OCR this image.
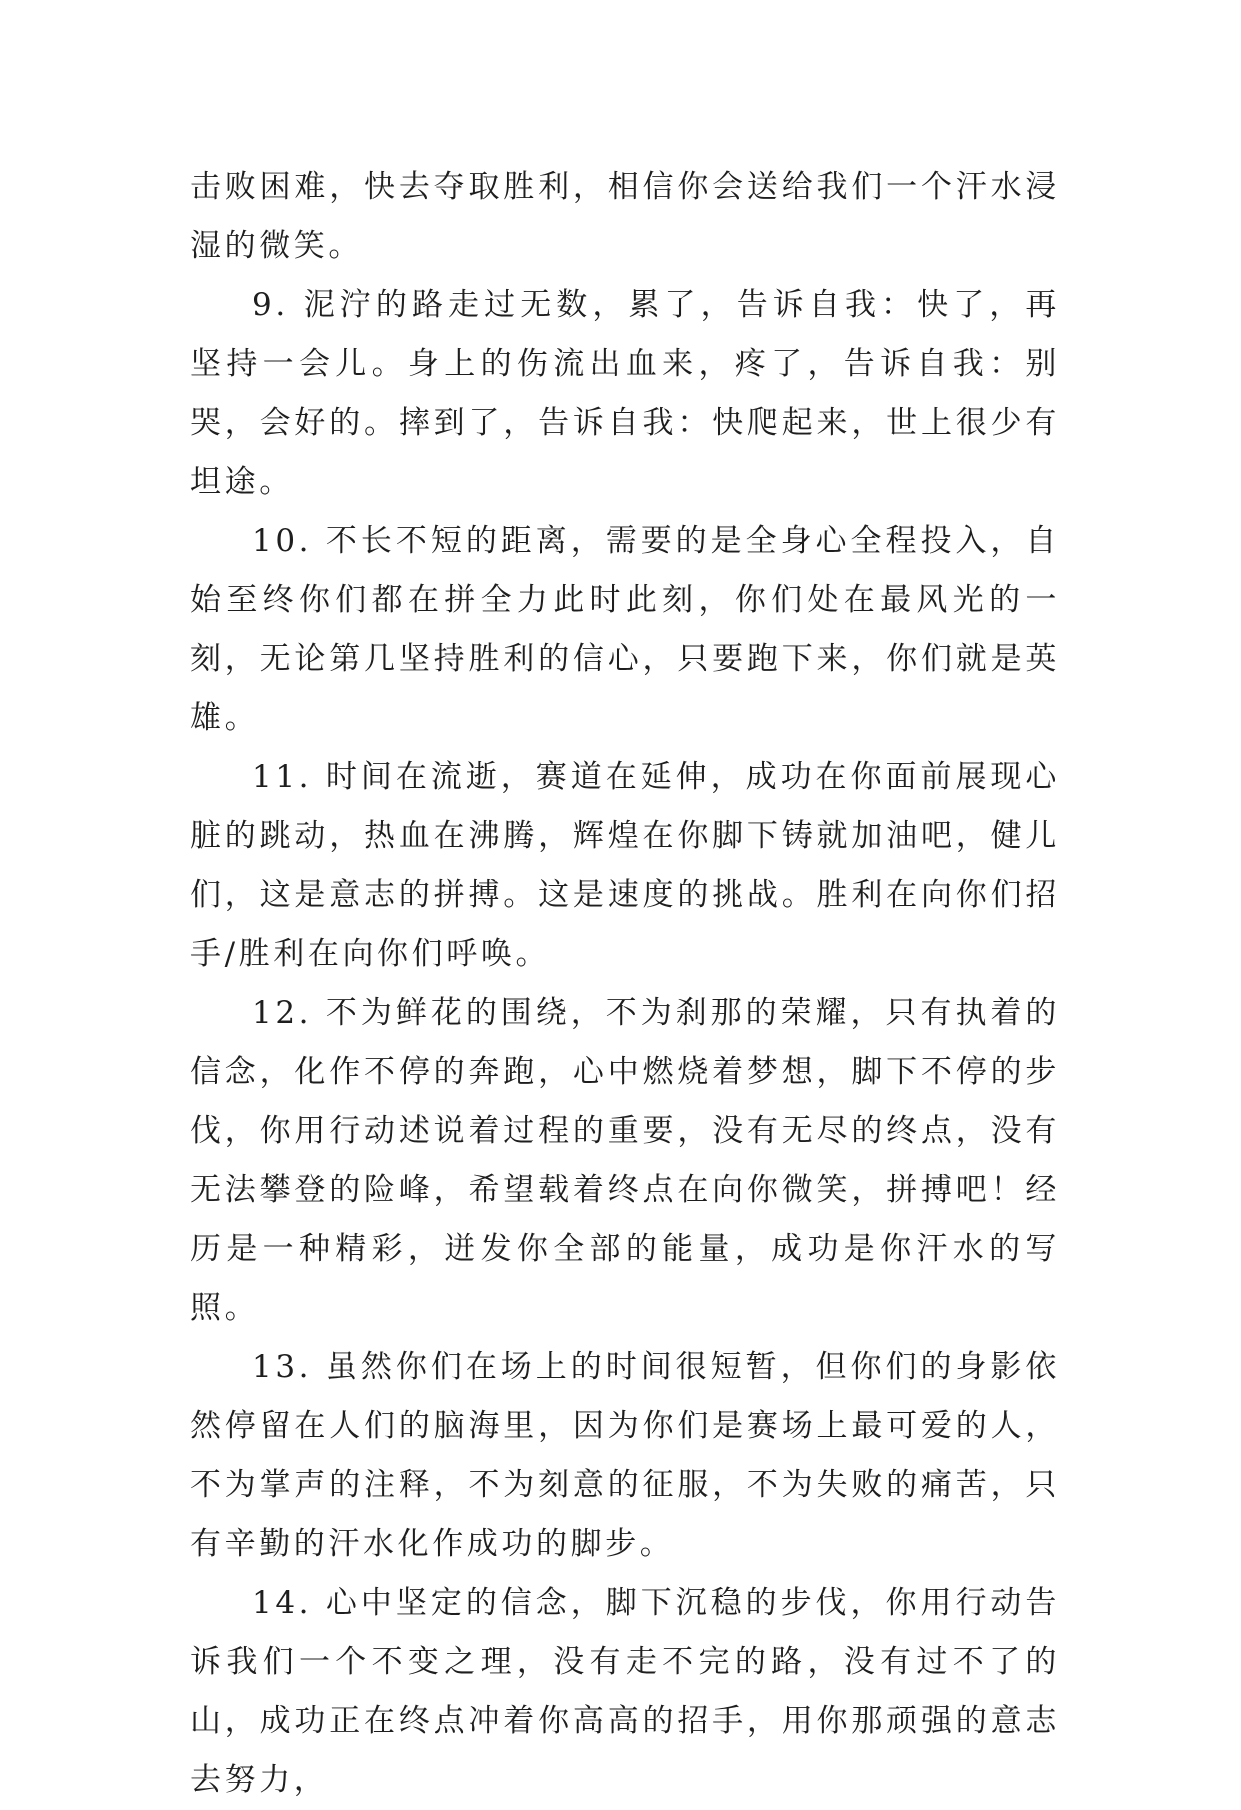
击败困难，快去夺取胜利，相信你会送给我们一个汗水浸湿的微笑。

9. 泥泞的路走过无数，累了，告诉自我：快了，再坚持一会儿。身上的伤流出血来，疼了，告诉自我：别哭，会好的。摔到了，告诉自我：快爬起来，世上很少有坦途。

10. 不长不短的距离，需要的是全身心全程投入，自始至终你们都在拼全力此时此刻，你们处在最风光的一刻，无论第几坚持胜利的信心，只要跑下来，你们就是英雄。

11. 时间在流逝，赛道在延伸，成功在你面前展现心脏的跳动，热血在沸腾，辉煌在你脚下铸就加油吧，健儿们，这是意志的拼搏。这是速度的挑战。胜利在向你们招手/胜利在向你们呼唤。

12. 不为鲜花的围绕，不为刹那的荣耀，只有执着的信念，化作不停的奔跑，心中燃烧着梦想，脚下不停的步伐，你用行动述说着过程的重要，没有无尽的终点，没有无法攀登的险峰，希望载着终点在向你微笑，拼搏吧！经历是一种精彩，迸发你全部的能量，成功是你汗水的写照。

13. 虽然你们在场上的时间很短暂，但你们的身影依然停留在人们的脑海里，因为你们是赛场上最可爱的人，不为掌声的注释，不为刻意的征服，不为失败的痛苦，只有辛勤的汗水化作成功的脚步。

14. 心中坚定的信念，脚下沉稳的步伐，你用行动告诉我们一个不变之理，没有走不完的路，没有过不了的山，成功正在终点冲着你高高的招手，用你那顽强的意志去努力，
